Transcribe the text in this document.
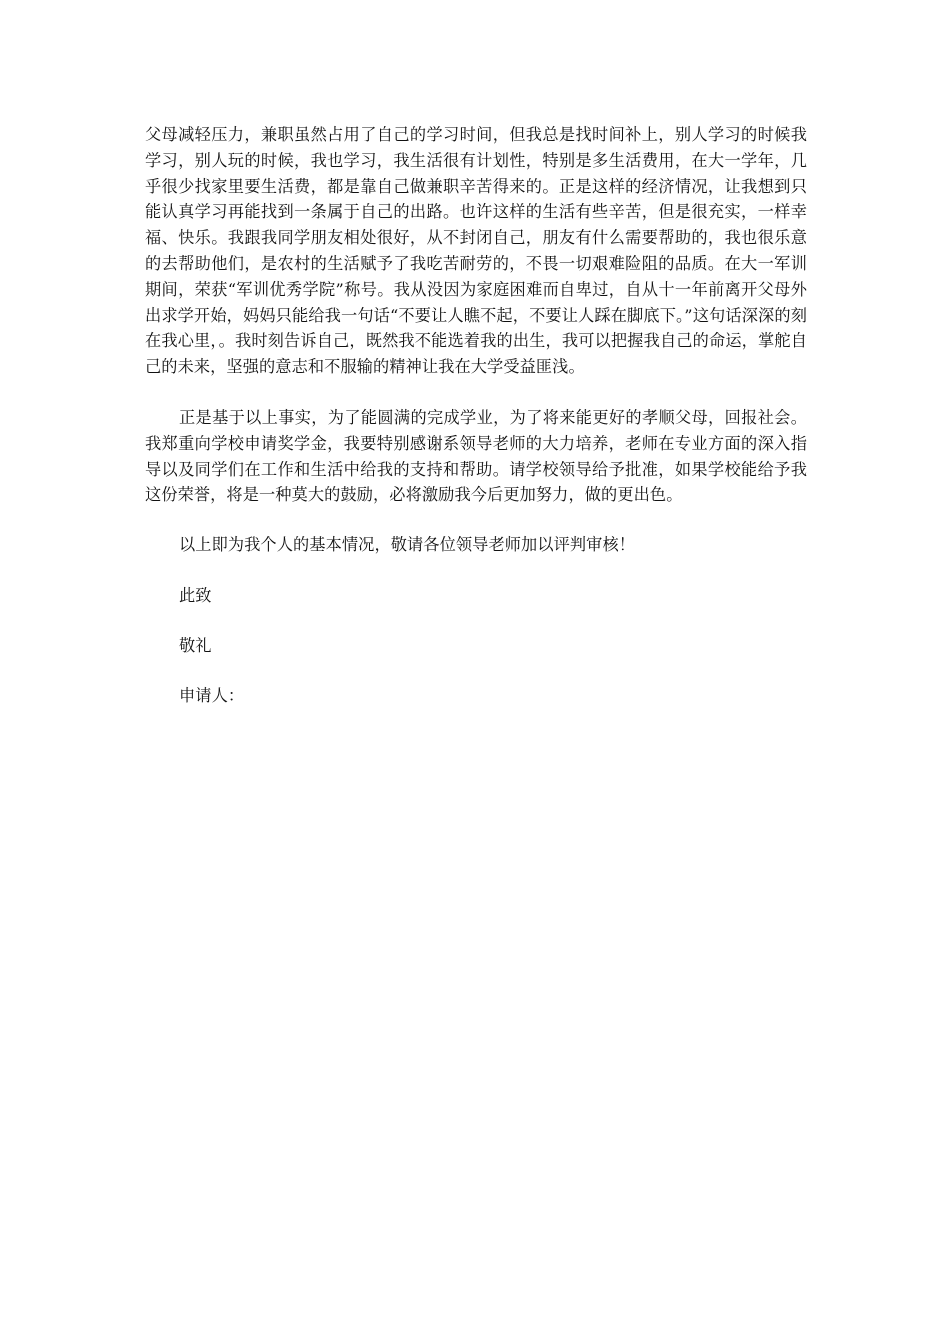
父母减轻压力，兼职虽然占用了自己的学习时间，但我总是找时间补上，别人学习的时候我学习，别人玩的时候，我也学习，我生活很有计划性，特别是多生活费用，在大一学年，几乎很少找家里要生活费，都是靠自己做兼职辛苦得来的。正是这样的经济情况，让我想到只能认真学习再能找到一条属于自己的出路。也许这样的生活有些辛苦，但是很充实，一样幸福、快乐。我跟我同学朋友相处很好，从不封闭自己，朋友有什么需要帮助的，我也很乐意的去帮助他们，是农村的生活赋予了我吃苦耐劳的，不畏一切艰难险阻的品质。在大一军训期间，荣获“军训优秀学院”称号。我从没因为家庭困难而自卑过，自从十一年前离开父母外出求学开始，妈妈只能给我一句话“不要让人瞧不起，不要让人踩在脚底下。”这句话深深的刻在我心里，。我时刻告诉自己，既然我不能选着我的出生，我可以把握我自己的命运，掌舵自己的未来，坚强的意志和不服输的精神让我在大学受益匪浅。

正是基于以上事实，为了能圆满的完成学业，为了将来能更好的孝顺父母，回报社会。我郑重向学校申请奖学金，我要特别感谢系领导老师的大力培养，老师在专业方面的深入指导以及同学们在工作和生活中给我的支持和帮助。请学校领导给予批准，如果学校能给予我这份荣誉，将是一种莫大的鼓励，必将激励我今后更加努力，做的更出色。

以上即为我个人的基本情况，敬请各位领导老师加以评判审核！

此致

敬礼

申请人：
